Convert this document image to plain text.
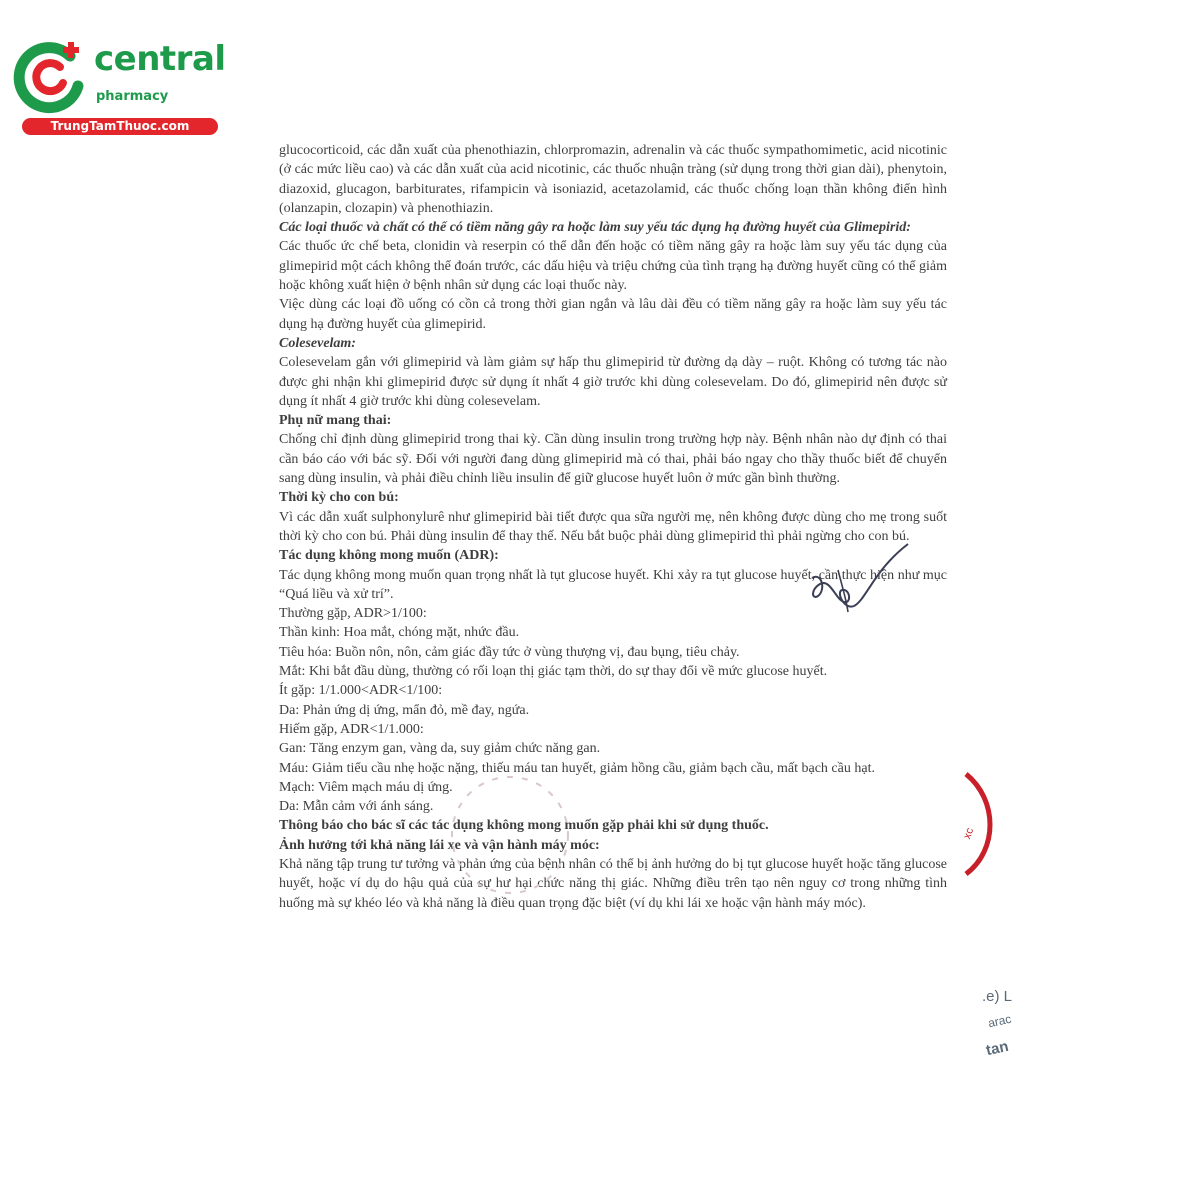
central

pharmacy

TrungTamThuoc.com

glucocorticoid, các dẫn xuất của phenothiazin, chlorpromazin, adrenalin và các thuốc sympathomimetic, acid nicotinic (ở các mức liều cao) và các dẫn xuất của acid nicotinic, các thuốc nhuận tràng (sử dụng trong thời gian dài), phenytoin, diazoxid, glucagon, barbiturates, rifampicin và isoniazid, acetazolamid, các thuốc chống loạn thần không điển hình (olanzapin, clozapin) và phenothiazin.

Các loại thuốc và chất có thể có tiềm năng gây ra hoặc làm suy yếu tác dụng hạ đường huyết của Glimepirid:

Các thuốc ức chế beta, clonidin và reserpin có thể dẫn đến hoặc có tiềm năng gây ra hoặc làm suy yếu tác dụng của glimepirid một cách không thể đoán trước, các dấu hiệu và triệu chứng của tình trạng hạ đường huyết cũng có thể giảm hoặc không xuất hiện ở bệnh nhân sử dụng các loại thuốc này.

Việc dùng các loại đồ uống có cồn cả trong thời gian ngắn và lâu dài đều có tiềm năng gây ra hoặc làm suy yếu tác dụng hạ đường huyết của glimepirid.

Colesevelam:

Colesevelam gắn với glimepirid và làm giảm sự hấp thu glimepirid từ đường dạ dày – ruột. Không có tương tác nào được ghi nhận khi glimepirid được sử dụng ít nhất 4 giờ trước khi dùng colesevelam. Do đó, glimepirid nên được sử dụng ít nhất 4 giờ trước khi dùng colesevelam.

Phụ nữ mang thai:

Chống chỉ định dùng glimepirid trong thai kỳ. Cần dùng insulin trong trường hợp này. Bệnh nhân nào dự định có thai cần báo cáo với bác sỹ. Đối với người đang dùng glimepirid mà có thai, phải báo ngay cho thầy thuốc biết để chuyển sang dùng insulin, và phải điều chỉnh liều insulin để giữ glucose huyết luôn ở mức gần bình thường.

Thời kỳ cho con bú:

Vì các dẫn xuất sulphonylurê như glimepirid bài tiết được qua sữa người mẹ, nên không được dùng cho mẹ trong suốt thời kỳ cho con bú. Phải dùng insulin để thay thế. Nếu bắt buộc phải dùng glimepirid thì phải ngừng cho con bú.

Tác dụng không mong muốn (ADR):

Tác dụng không mong muốn quan trọng nhất là tụt glucose huyết. Khi xảy ra tụt glucose huyết, cần thực hiện như mục “Quá liều và xử trí”.

Thường gặp, ADR>1/100:

Thần kinh: Hoa mắt, chóng mặt, nhức đầu.

Tiêu hóa: Buồn nôn, nôn, cảm giác đầy tức ở vùng thượng vị, đau bụng, tiêu chảy.

Mắt: Khi bắt đầu dùng, thường có rối loạn thị giác tạm thời, do sự thay đổi về mức glucose huyết.

Ít gặp: 1/1.000<ADR<1/100:

Da: Phản ứng dị ứng, mẩn đỏ, mề đay, ngứa.

Hiếm gặp, ADR<1/1.000:

Gan: Tăng enzym gan, vàng da, suy giảm chức năng gan.

Máu: Giảm tiểu cầu nhẹ hoặc nặng, thiếu máu tan huyết, giảm hồng cầu, giảm bạch cầu, mất bạch cầu hạt.

Mạch: Viêm mạch máu dị ứng.

Da: Mẫn cảm với ánh sáng.

Thông báo cho bác sĩ các tác dụng không mong muốn gặp phải khi sử dụng thuốc.

Ảnh hưởng tới khả năng lái xe và vận hành máy móc:

Khả năng tập trung tư tưởng và phản ứng của bệnh nhân có thể bị ảnh hưởng do bị tụt glucose huyết hoặc tăng glucose huyết, hoặc ví dụ do hậu quả của sự hư hại chức năng thị giác. Những điều trên tạo nên nguy cơ trong những tình huống mà sự khéo léo và khả năng là điều quan trọng đặc biệt (ví dụ khi lái xe hoặc vận hành máy móc).

xc
.e) L
arac
tan
